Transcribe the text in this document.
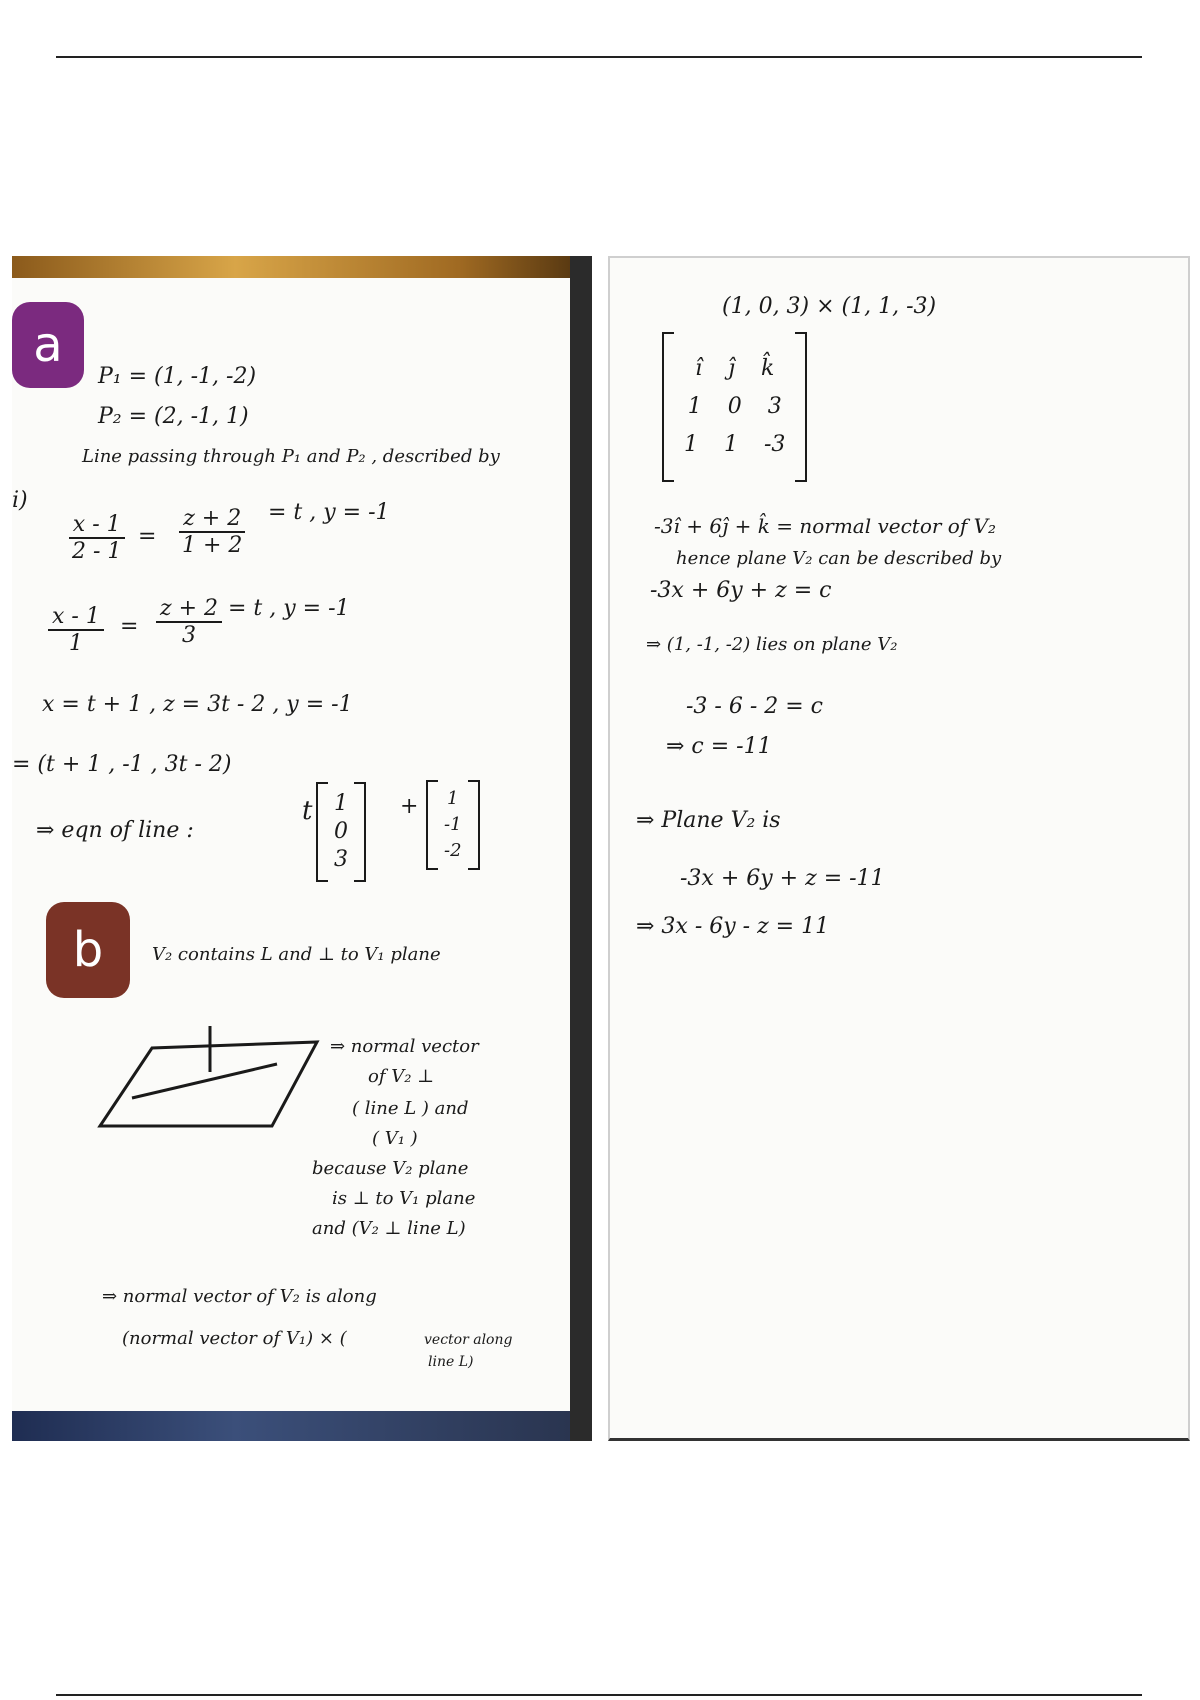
P₁ = (1, -1, -2)
P₂ = (2, -1, 1)
i)
Line passing through P₁ and P₂ , described by
$\frac{x - 1}{2 - 1} = \frac{z + 2}{1 + 2} = t$ , y = -1
$\frac{x - 1}{1} = \frac{z + 2}{3} = t$ , y = -1
x = t + 1 , z = 3t - 2 , y = -1
= (t + 1 , -1 , 3t - 2)
⇒ eqn of line :
t 1
0
3
+ 1
-1
-2
V₂ contains L and ⊥ to V₁ plane
⇒ normal vector
of V₂ ⊥
( line L ) and
( V₁ )
because V₂ plane
is ⊥ to V₁ plane
and (V₂ ⊥ line L)
⇒ normal vector of V₂ is along
(normal vector of V₁) × (	vector along
line L)
a
b
(1, 0, 3) × (1, 1, -3)
î ĵ k̂
1 0 3
1 1 -3
-3î + 6ĵ + k̂ = normal vector of V₂
hence plane V₂ can be described by
-3x + 6y + z = c
⇒ (1, -1, -2) lies on plane V₂
-3 - 6 - 2 = c
⇒ c = -11
⇒ Plane V₂ is
-3x + 6y + z = -11
⇒ 3x - 6y - z = 11
